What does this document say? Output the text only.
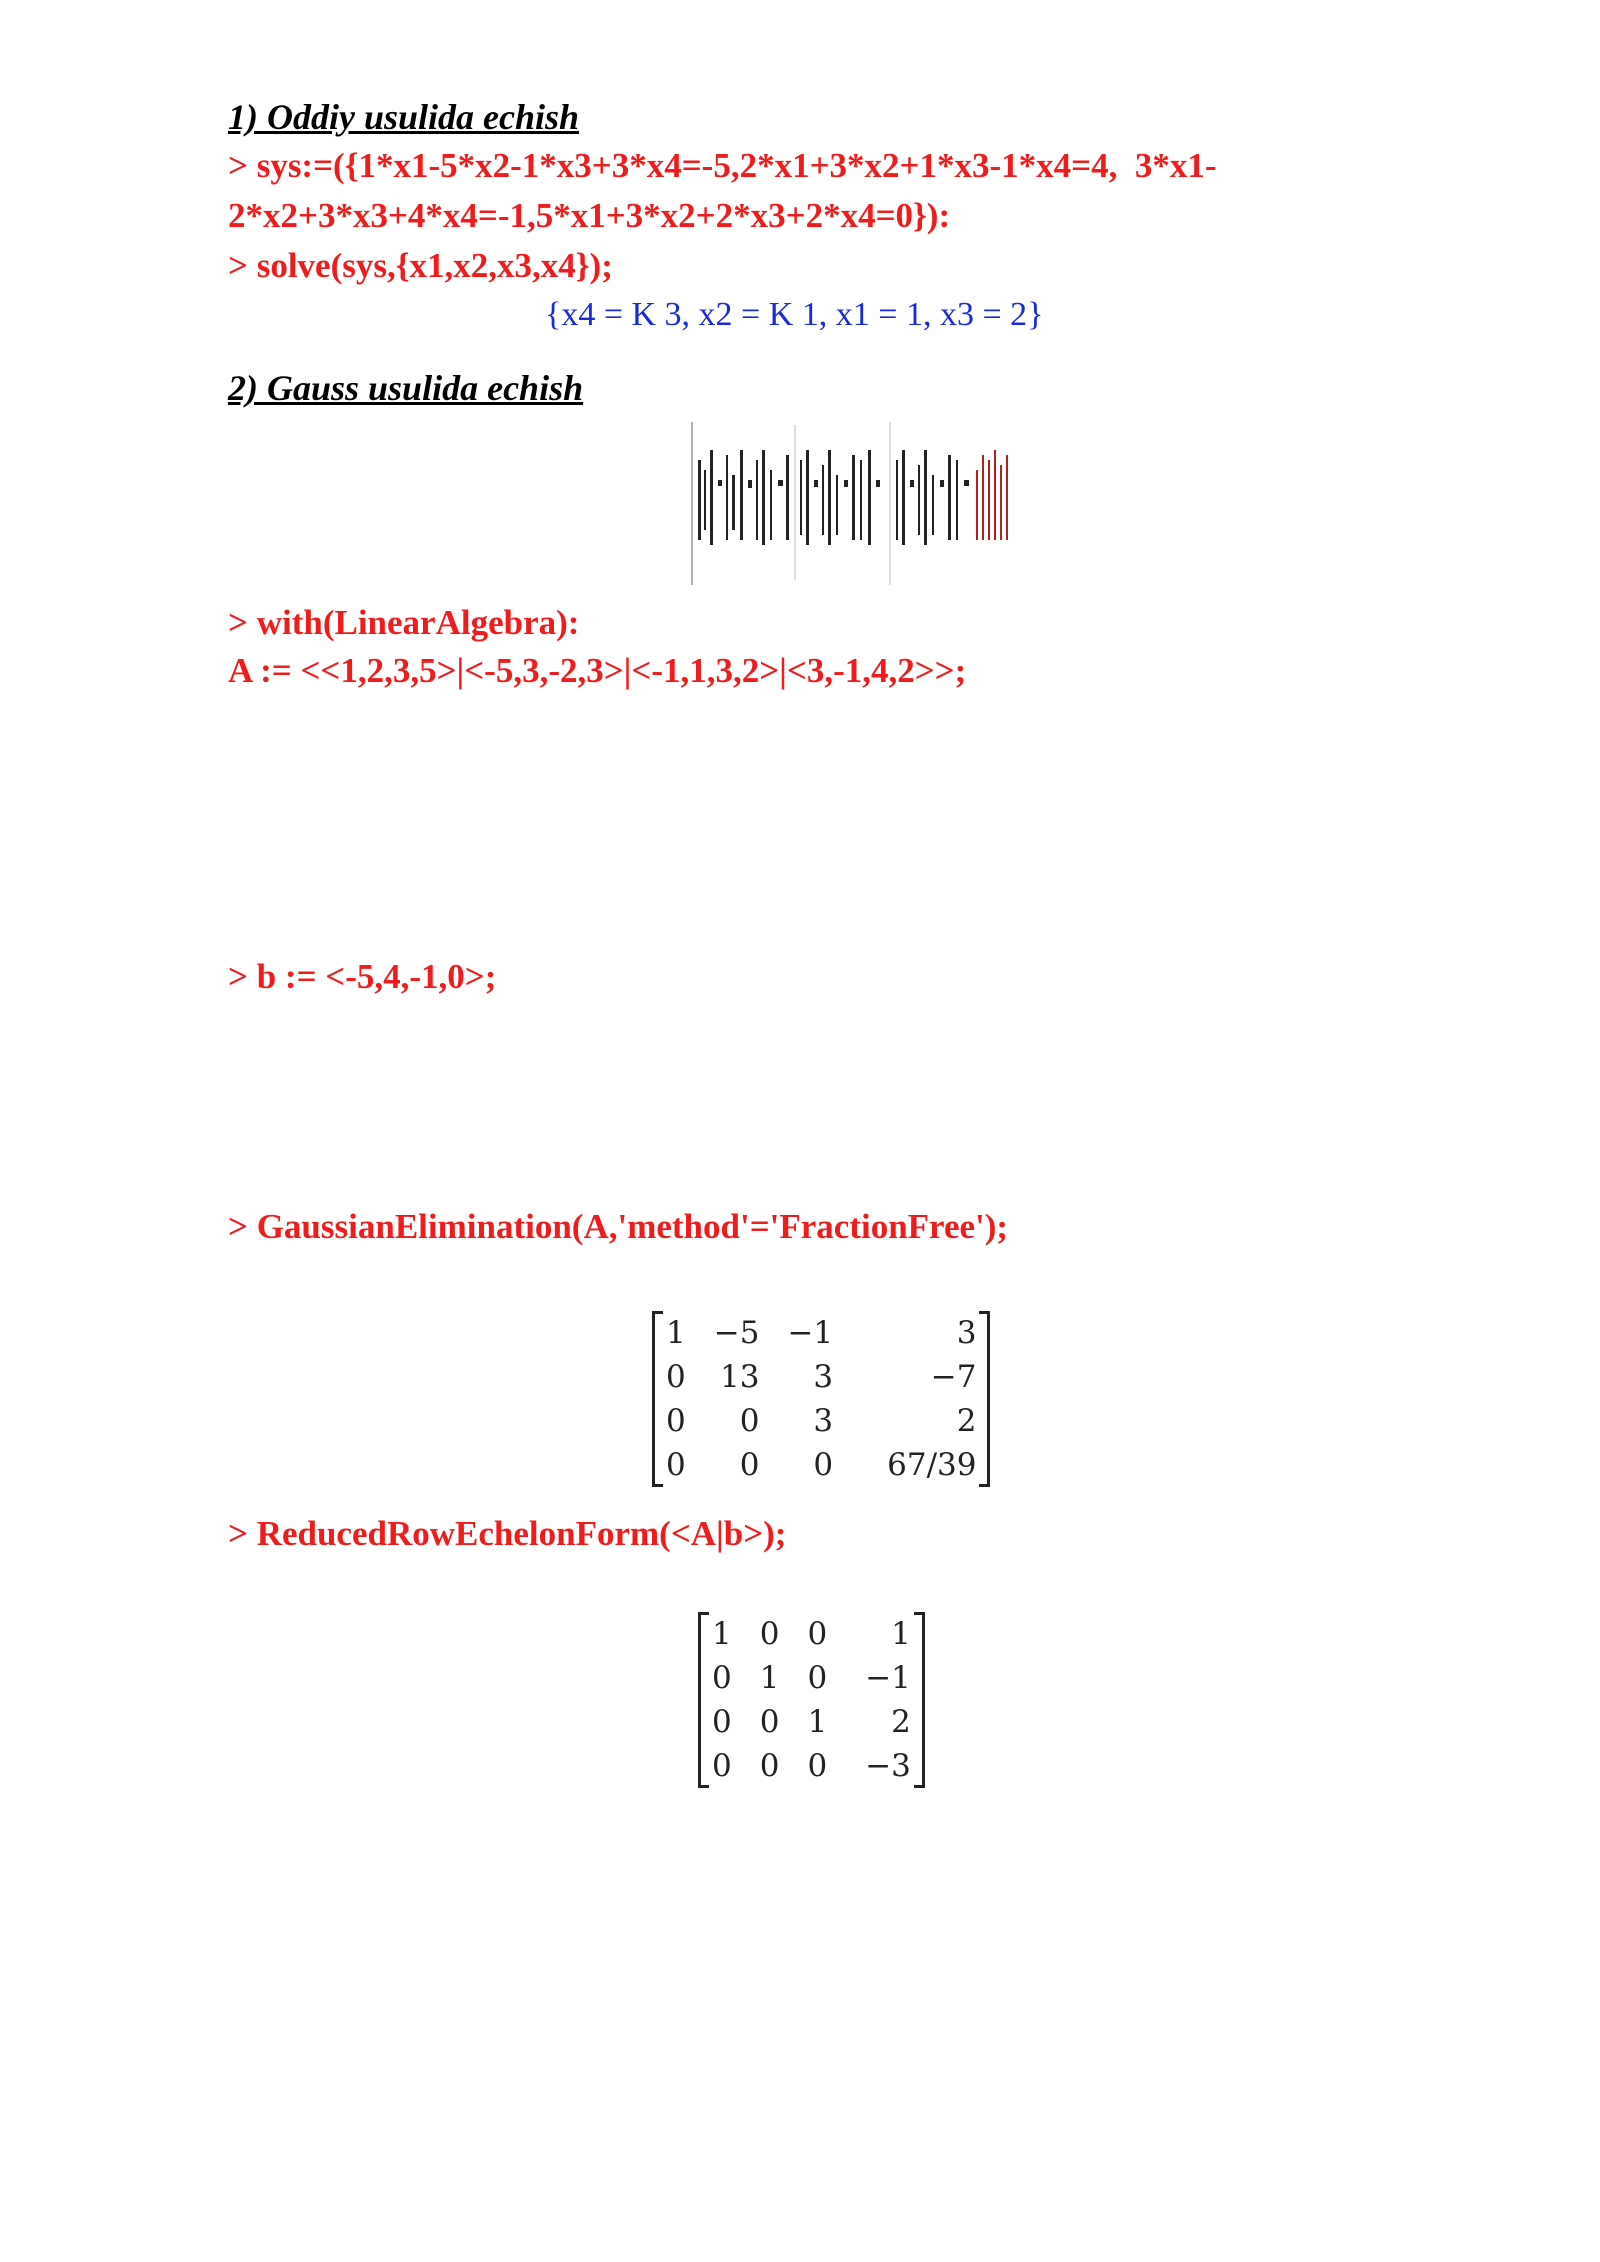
1) Oddiy usulida echish
> sys:=({1*x1-5*x2-1*x3+3*x4=-5,2*x1+3*x2+1*x3-1*x4=4,  3*x1-
2*x2+3*x3+4*x4=-1,5*x1+3*x2+2*x3+2*x4=0}):
> solve(sys,{x1,x2,x3,x4});
{x4 = K 3, x2 = K 1, x1 = 1, x3 = 2}
2) Gauss usulida echish
> with(LinearAlgebra):
A := <<1,2,3,5>|<-5,3,-2,3>|<-1,1,3,2>|<3,-1,4,2>>;
> b := <-5,4,-1,0>;
> GaussianElimination(A,'method'='FractionFree');
1	−5	−1	3
0	13	3	−7
0	0	3	2
0	0	0	67/39
> ReducedRowEchelonForm(<A|b>);
1	0	0	1
0	1	0	−1
0	0	1	2
0	0	0	−3
